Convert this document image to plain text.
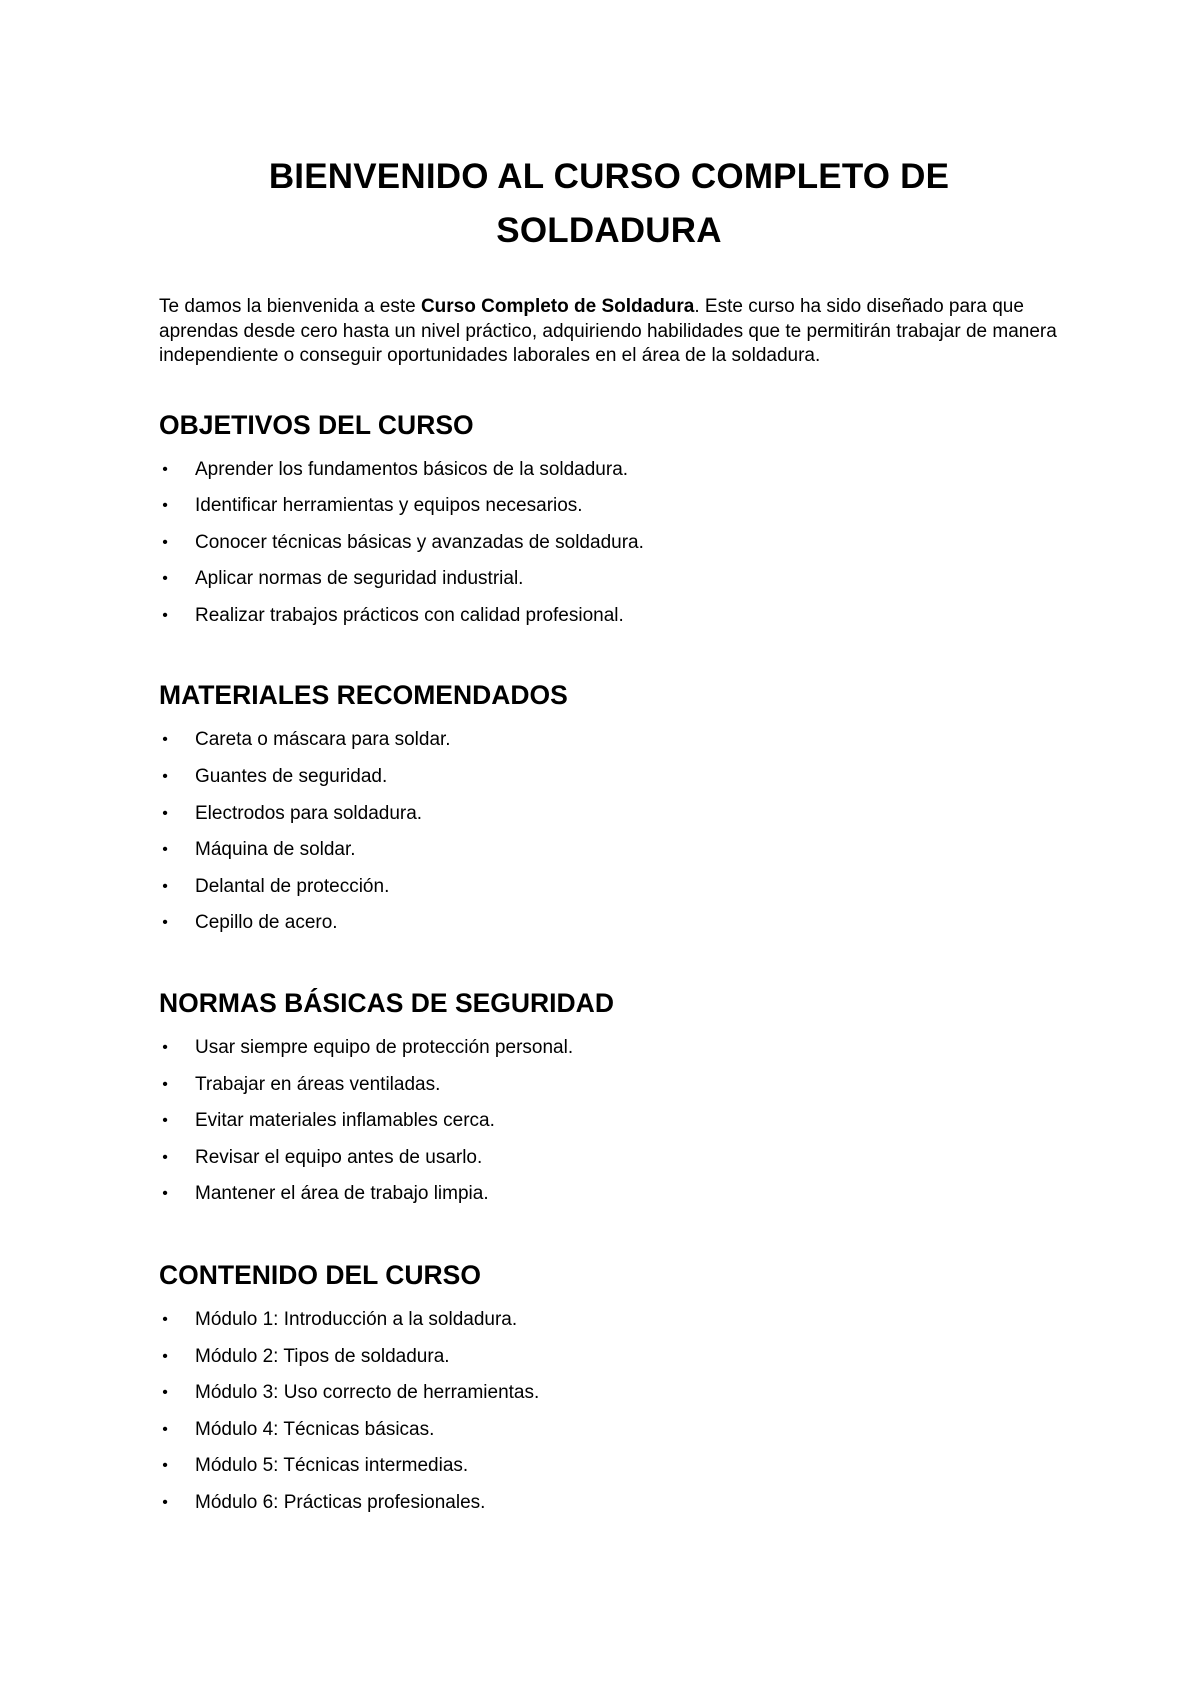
BIENVENIDO AL CURSO COMPLETO DE SOLDADURA

Te damos la bienvenida a este Curso Completo de Soldadura. Este curso ha sido diseñado para que aprendas desde cero hasta un nivel práctico, adquiriendo habilidades que te permitirán trabajar de manera independiente o conseguir oportunidades laborales en el área de la soldadura.

OBJETIVOS DEL CURSO
• Aprender los fundamentos básicos de la soldadura.
• Identificar herramientas y equipos necesarios.
• Conocer técnicas básicas y avanzadas de soldadura.
• Aplicar normas de seguridad industrial.
• Realizar trabajos prácticos con calidad profesional.
MATERIALES RECOMENDADOS
• Careta o máscara para soldar.
• Guantes de seguridad.
• Electrodos para soldadura.
• Máquina de soldar.
• Delantal de protección.
• Cepillo de acero.
NORMAS BÁSICAS DE SEGURIDAD
• Usar siempre equipo de protección personal.
• Trabajar en áreas ventiladas.
• Evitar materiales inflamables cerca.
• Revisar el equipo antes de usarlo.
• Mantener el área de trabajo limpia.
CONTENIDO DEL CURSO
• Módulo 1: Introducción a la soldadura.
• Módulo 2: Tipos de soldadura.
• Módulo 3: Uso correcto de herramientas.
• Módulo 4: Técnicas básicas.
• Módulo 5: Técnicas intermedias.
• Módulo 6: Prácticas profesionales.
